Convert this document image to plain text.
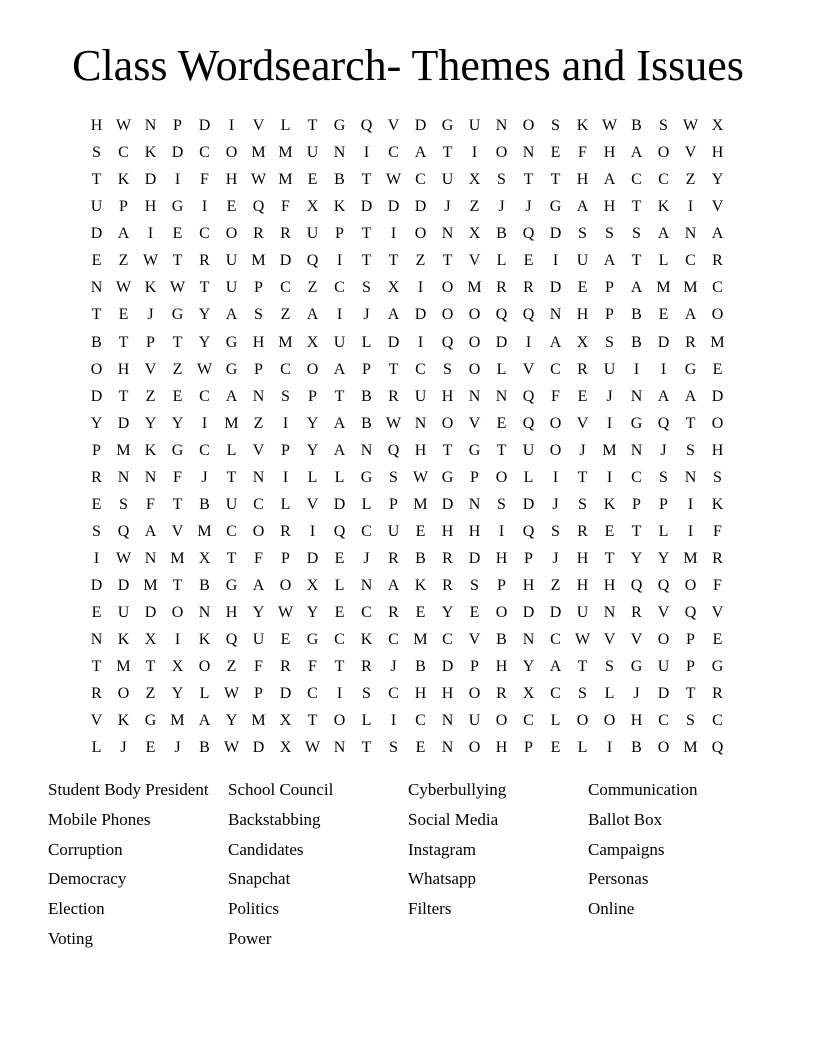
Class Wordsearch- Themes and Issues
H W N	P	D	I	V	L	T	G Q V D G U N O	S	K W B	S W X
S	C K D C O M M U N	I	C A	T	I	O N	E	F	H A O V H
T	K D	I	F	H W M E	B	T W C U X	S	T	T	H A C	C	Z	Y
U	P	H G	I	E	Q	F	X K D D D	J	Z	J	J	G A H	T	K	I	V
D A	I	E	C O R	R U	P	T	I	O N X B Q D	S	S	S	A N A
E	Z W T	R U M D Q	I	T	T	Z	T	V	L	E	I	U A	T	L	C	R
N W K W T	U	P	C	Z	C	S	X	I	O M R	R D	E	P	A M M C
T	E	J	G Y A	S	Z	A	I	J	A D O O Q Q N H	P	B	E	A O
B	T	P	T	Y G H M X U	L	D	I	Q O D	I	A X	S	B D R M
O H V	Z W G	P	C O A	P	T	C	S	O	L	V C	R U	I	I	G	E
D	T	Z	E	C A N	S	P	T	B	R U H N N Q	F	E	J	N A A D
Y D Y Y	I	M Z	I	Y A B W N O V	E	Q O V	I	G Q	T	O
P M K G C	L	V	P	Y A N Q H	T	G	T	U O	J	M N	J	S	H
R N N	F	J	T	N	I	L	L	G	S W G	P	O	L	I	T	I	C	S	N	S
E	S	F	T	B U C	L	V D	L	P M D N	S	D	J	S	K	P	P	I	K
S	Q A V M C O R	I	Q C U	E	H H	I	Q	S	R	E	T	L	I	F
I	W N M X	T	F	P	D	E	J	R	B	R D H	P	J	H	T	Y Y M R
D D M T	B G A O X	L	N A K R	S	P	H	Z	H H Q Q O	F
E	U D O N H Y W Y	E	C	R	E	Y	E	O D D U N R V Q V
N K X	I	K Q U	E	G C K C M C V B N C W V V O	P	E
T M T	X O	Z	F	R	F	T	R	J	B D	P	H Y A	T	S	G U	P	G
R O	Z	Y	L W P	D C	I	S	C H H O R X C	S	L	J	D	T	R
V K G M A Y M X	T	O	L	I	C N U O C	L	O O H C	S	C
L	J	E	J	B W D X W N	T	S	E	N O H	P	E	L	I	B O M Q
Student Body President	School Council	Cyberbullying	Communication
Mobile Phones	Backstabbing	Social Media	Ballot Box
Corruption	Candidates	Instagram	Campaigns
Democracy	Snapchat	Whatsapp	Personas
Election	Politics	Filters	Online
Voting	Power
